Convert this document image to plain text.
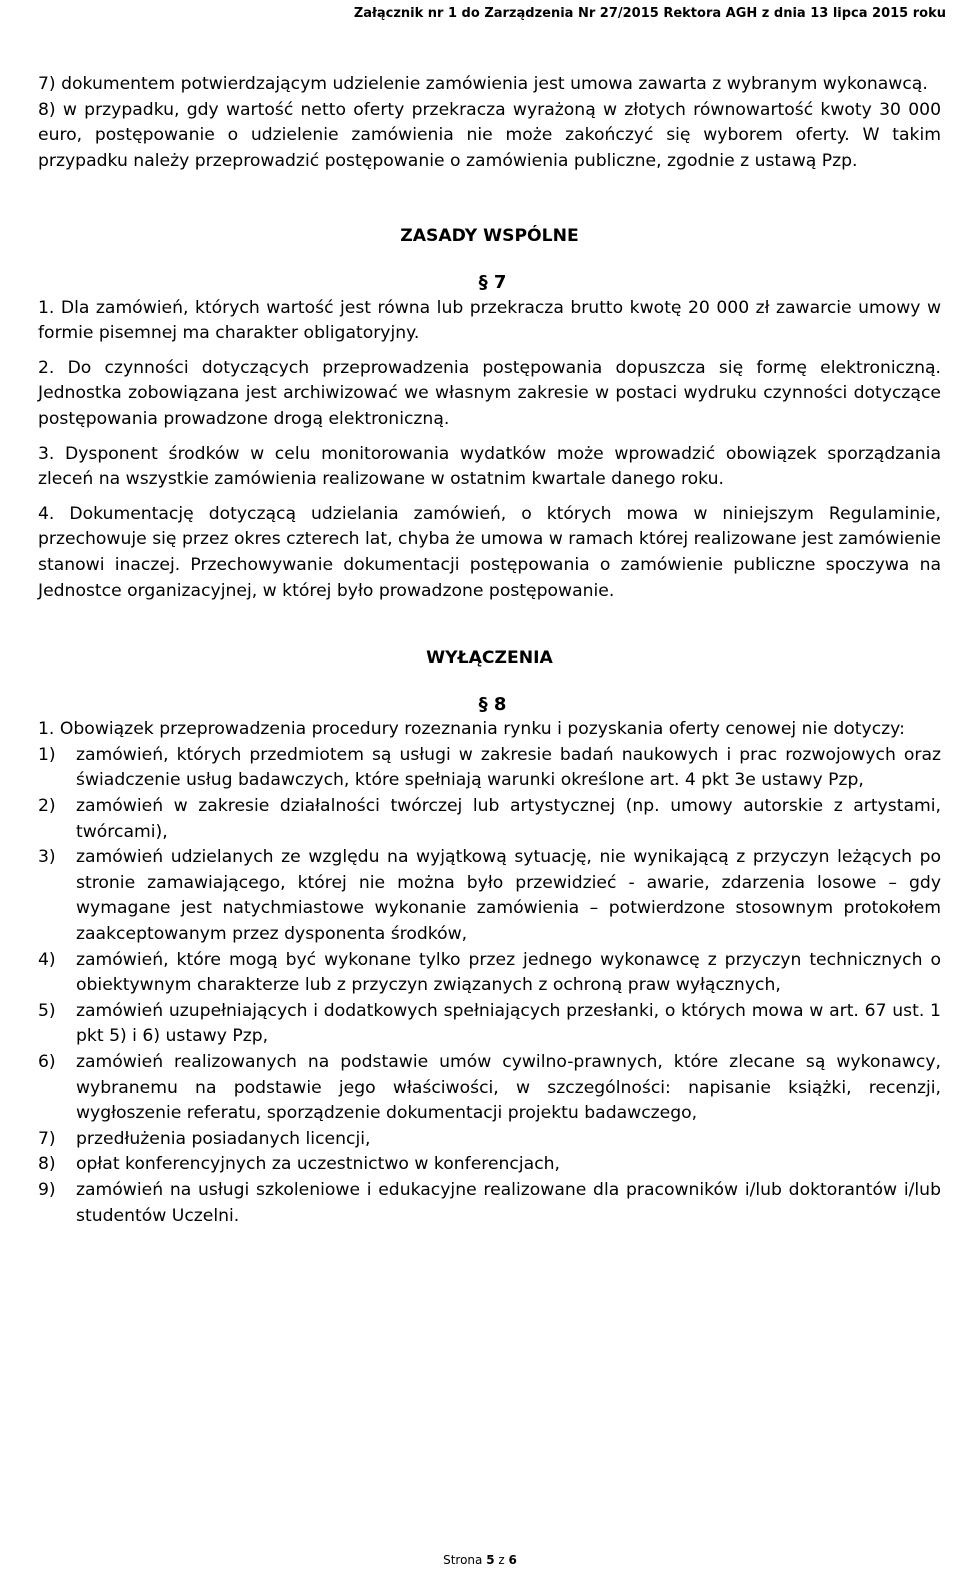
Załącznik nr 1 do Zarządzenia Nr 27/2015 Rektora AGH z dnia 13 lipca 2015 roku

7) dokumentem potwierdzającym udzielenie zamówienia jest umowa zawarta z wybranym wykonawcą.

8) w przypadku, gdy wartość netto oferty przekracza wyrażoną w złotych równowartość kwoty 30 000 euro, postępowanie o udzielenie zamówienia nie może zakończyć się wyborem oferty. W takim przypadku należy przeprowadzić postępowanie o zamówienia publiczne, zgodnie z ustawą Pzp.

ZASADY WSPÓLNE

§ 7

1. Dla zamówień, których wartość jest równa lub przekracza brutto kwotę 20 000 zł zawarcie umowy w formie pisemnej ma charakter obligatoryjny.

2. Do czynności dotyczących przeprowadzenia postępowania dopuszcza się formę elektroniczną. Jednostka zobowiązana jest archiwizować we własnym zakresie w postaci wydruku czynności dotyczące postępowania prowadzone drogą elektroniczną.

3. Dysponent środków w celu monitorowania wydatków może wprowadzić obowiązek sporządzania zleceń na wszystkie zamówienia realizowane w ostatnim kwartale danego roku.

4. Dokumentację dotyczącą udzielania zamówień, o których mowa w niniejszym Regulaminie, przechowuje się przez okres czterech lat, chyba że umowa w ramach której realizowane jest zamówienie stanowi inaczej. Przechowywanie dokumentacji postępowania o zamówienie publiczne spoczywa na Jednostce organizacyjnej, w której było prowadzone postępowanie.

WYŁĄCZENIA

§ 8

1. Obowiązek przeprowadzenia procedury rozeznania rynku i pozyskania oferty cenowej nie dotyczy:

1)	zamówień, których przedmiotem są usługi w zakresie badań naukowych i prac rozwojowych oraz świadczenie usług badawczych, które spełniają warunki określone art. 4 pkt 3e ustawy Pzp,
2)	zamówień w zakresie działalności twórczej lub artystycznej (np. umowy autorskie z artystami, twórcami),
3)	zamówień udzielanych ze względu na wyjątkową sytuację, nie wynikającą z przyczyn leżących po stronie zamawiającego, której nie można było przewidzieć - awarie, zdarzenia losowe – gdy wymagane jest natychmiastowe wykonanie zamówienia – potwierdzone stosownym protokołem zaakceptowanym przez dysponenta środków,
4)	zamówień, które mogą być wykonane tylko przez jednego wykonawcę z przyczyn technicznych o obiektywnym charakterze lub z przyczyn związanych z ochroną praw wyłącznych,
5)	zamówień uzupełniających i dodatkowych spełniających przesłanki, o których mowa w art. 67 ust. 1 pkt 5) i 6) ustawy Pzp,
6)	zamówień realizowanych na podstawie umów cywilno-prawnych, które zlecane są wykonawcy, wybranemu na podstawie jego właściwości, w szczególności: napisanie książki, recenzji, wygłoszenie referatu, sporządzenie dokumentacji projektu badawczego,
7)	przedłużenia posiadanych licencji,
8)	opłat konferencyjnych za uczestnictwo w konferencjach,
9)	zamówień na usługi szkoleniowe i edukacyjne realizowane dla pracowników i/lub doktorantów i/lub studentów Uczelni.
Strona 5 z 6
